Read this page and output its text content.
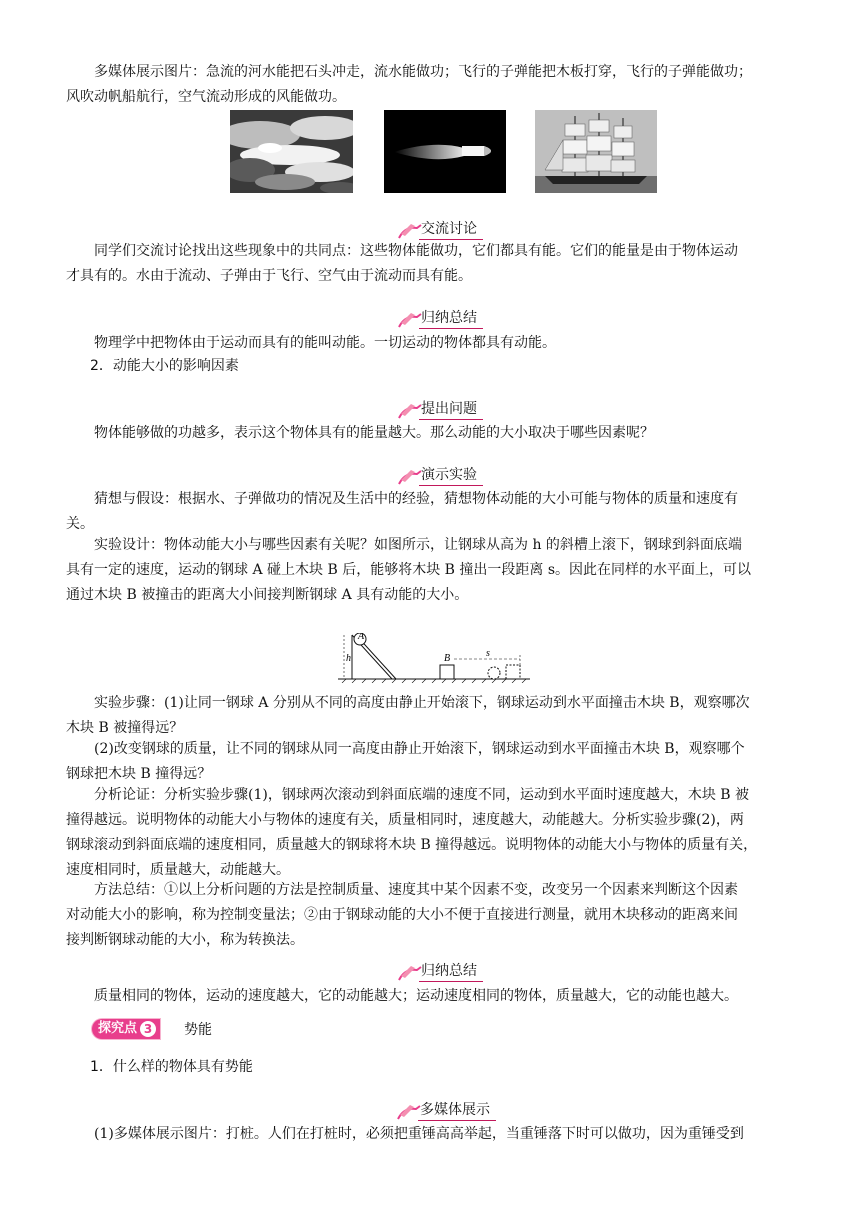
多媒体展示图片：急流的河水能把石头冲走，流水能做功；飞行的子弹能把木板打穿，飞行的子弹能做功；
风吹动帆船航行，空气流动形成的风能做功。

交流讨论

同学们交流讨论找出这些现象中的共同点：这些物体能做功，它们都具有能。它们的能量是由于物体运动
才具有的。水由于流动、子弹由于飞行、空气由于流动而具有能。

归纳总结

物理学中把物体由于运动而具有的能叫动能。一切运动的物体都具有动能。

2．动能大小的影响因素
提出问题

物体能够做的功越多，表示这个物体具有的能量越大。那么动能的大小取决于哪些因素呢？

演示实验

猜想与假设：根据水、子弹做功的情况及生活中的经验，猜想物体动能的大小可能与物体的质量和速度有
关。

实验设计：物体动能大小与哪些因素有关呢？如图所示，让钢球从高为 h 的斜槽上滚下，钢球到斜面底端
具有一定的速度，运动的钢球 A 碰上木块 B 后，能够将木块 B 撞出一段距离 s。因此在同样的水平面上，可以
通过木块 B 被撞击的距离大小间接判断钢球 A 具有动能的大小。

A
h	B	s

实验步骤：(1)让同一钢球 A 分别从不同的高度由静止开始滚下，钢球运动到水平面撞击木块 B，观察哪次
木块 B 被撞得远？

(2)改变钢球的质量，让不同的钢球从同一高度由静止开始滚下，钢球运动到水平面撞击木块 B，观察哪个
钢球把木块 B 撞得远？

分析论证：分析实验步骤(1)，钢球两次滚动到斜面底端的速度不同，运动到水平面时速度越大，木块 B 被
撞得越远。说明物体的动能大小与物体的速度有关，质量相同时，速度越大，动能越大。分析实验步骤(2)，两
钢球滚动到斜面底端的速度相同，质量越大的钢球将木块 B 撞得越远。说明物体的动能大小与物体的质量有关，
速度相同时，质量越大，动能越大。

方法总结：①以上分析问题的方法是控制质量、速度其中某个因素不变，改变另一个因素来判断这个因素
对动能大小的影响，称为控制变量法；②由于钢球动能的大小不便于直接进行测量，就用木块移动的距离来间
接判断钢球动能的大小，称为转换法。

归纳总结

质量相同的物体，运动的速度越大，它的动能越大；运动速度相同的物体，质量越大，它的动能也越大。

探究点 3 势能
1．什么样的物体具有势能
多媒体展示

(1)多媒体展示图片：打桩。人们在打桩时，必须把重锤高高举起，当重锤落下时可以做功，因为重锤受到
